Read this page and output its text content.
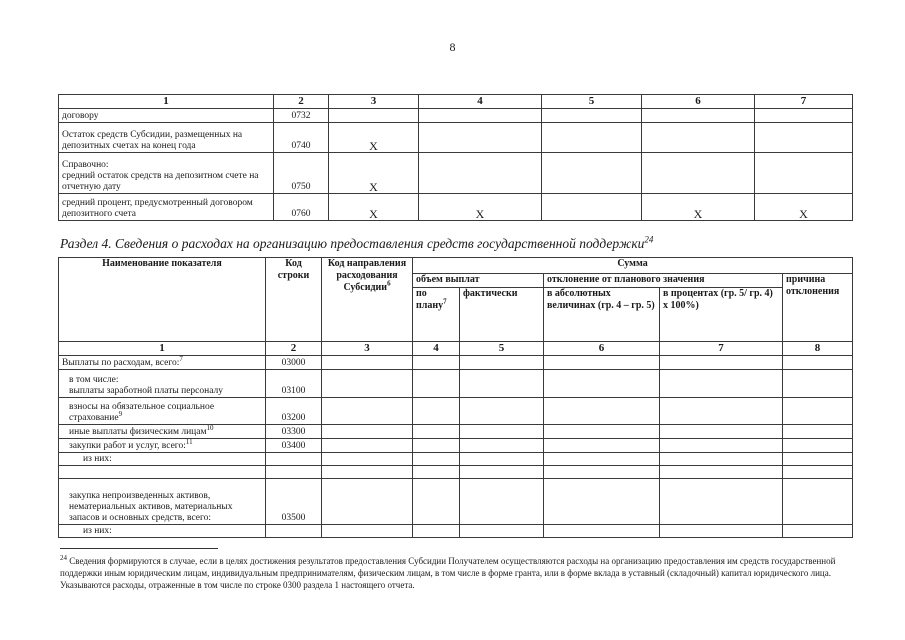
8
1	2	3	4	5	6	7
договору	0732					
Остаток средств Субсидии, размещенных на депозитных счетах на конец года	0740	X				
Справочно:
средний остаток средств на депозитном счете на отчетную дату	0750	X				
средний процент, предусмотренный договором депозитного счета	0760	X	X		X	X
Раздел 4. Сведения о расходах на организацию предоставления средств государственной поддержки$^{24}$
Наименование показателя	Код строки	Код направления расходования Субсидии$^6$	Сумма				
			объем выплат		отклонение от планового значения		причина отклонения
			по плану$^7$	фактически	в абсолютных величинах (гр. 4 – гр. 5)	в процентах (гр. 5/ гр. 4) х 100%)	
1	2	3	4	5	6	7	8
Выплаты по расходам, всего:$^7$	03000						
в том числе:
выплаты заработной платы персоналу	03100						
взносы на обязательное социальное страхование$^9$	03200						
иные выплаты физическим лицам$^{10}$	03300						
закупки работ и услуг, всего:$^{11}$	03400						
из них:							

закупка непроизведенных активов, нематериальных активов, материальных запасов и основных средств, всего:	03500						
из них:							
$^{24}$ Сведения формируются в случае, если в целях достижения результатов предоставления Субсидии Получателем осуществляются расходы на организацию предоставления им средств государственной поддержки иным юридическим лицам, индивидуальным предпринимателям, физическим лицам, в том числе в форме гранта, или в форме вклада в уставный (складочный) капитал юридического лица. Указываются расходы, отраженные в том числе по строке 0300 раздела 1 настоящего отчета.
